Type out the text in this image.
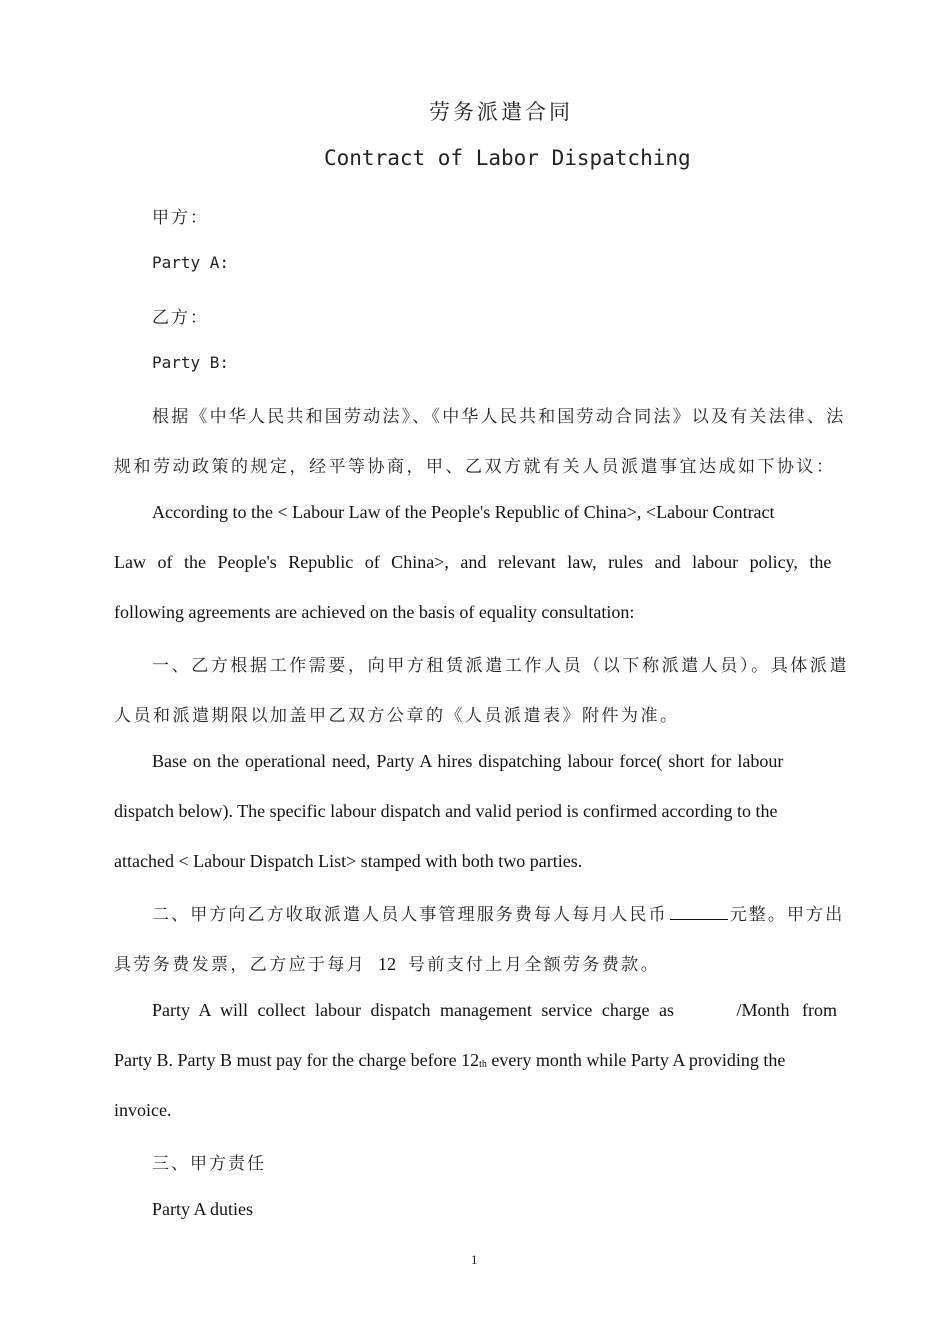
劳务派遣合同

Contract of Labor Dispatching

甲方：

Party A:

乙方：

Party B:

根据《中华人民共和国劳动法》、《中华人民共和国劳动合同法》以及有关法律、法

规和劳动政策的规定，经平等协商，甲、乙双方就有关人员派遣事宜达成如下协议：

According to the < Labour Law of the People's Republic of China>, <Labour Contract

Law of the People's Republic of China>, and relevant law, rules and labour policy, the

following agreements are achieved on the basis of equality consultation:

一、乙方根据工作需要，向甲方租赁派遣工作人员（以下称派遣人员）。具体派遣

人员和派遣期限以加盖甲乙双方公章的《人员派遣表》附件为准。

Base on the operational need, Party A hires dispatching labour force( short for labour

dispatch below). The specific labour dispatch and valid period is confirmed according to the

attached < Labour Dispatch List> stamped with both two parties.

二、甲方向乙方收取派遣人员人事管理服务费每人每月人民币	元整。甲方出

具劳务费发票，乙方应于每月 12 号前支付上月全额劳务费款。

Party A will collect labour dispatch management service charge as	/Month from

Party B. Party B must pay for the charge before 12th every month while Party A providing the

invoice.

三、甲方责任

Party A duties

1
